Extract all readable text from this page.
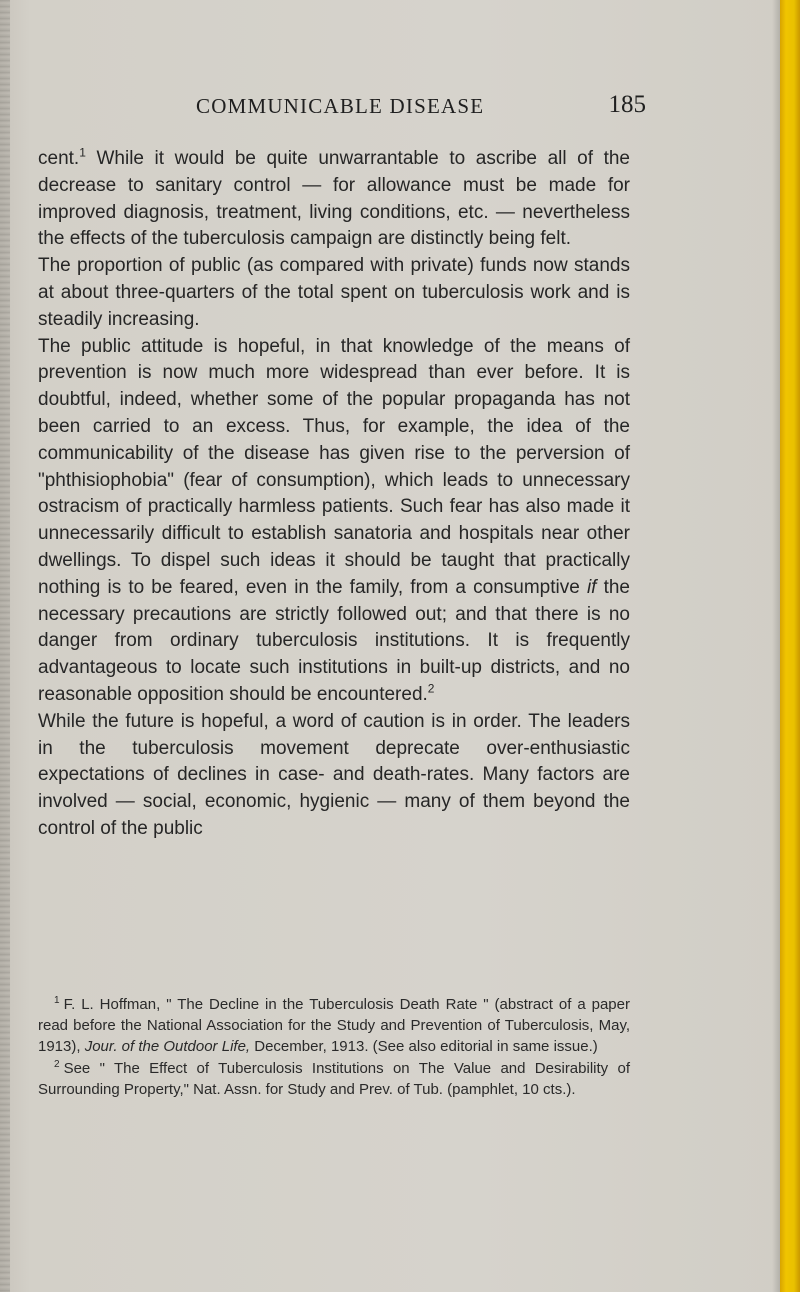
COMMUNICABLE DISEASE	185

cent.$^1$ While it would be quite unwarrantable to ascribe all of the decrease to sanitary control — for allowance must be made for improved diagnosis, treatment, living conditions, etc. — nevertheless the effects of the tuberculosis campaign are distinctly being felt.

The proportion of public (as compared with private) funds now stands at about three-quarters of the total spent on tuberculosis work and is steadily increasing.

The public attitude is hopeful, in that knowledge of the means of prevention is now much more widespread than ever before. It is doubtful, indeed, whether some of the popular propaganda has not been carried to an excess. Thus, for example, the idea of the communicability of the disease has given rise to the perversion of "phthisiophobia" (fear of consumption), which leads to unnecessary ostracism of practically harmless patients. Such fear has also made it unnecessarily difficult to establish sanatoria and hospitals near other dwellings. To dispel such ideas it should be taught that practically nothing is to be feared, even in the family, from a consumptive if the necessary precautions are strictly followed out; and that there is no danger from ordinary tuberculosis institutions. It is frequently advantageous to locate such institutions in built-up districts, and no reasonable opposition should be encountered.$^2$

While the future is hopeful, a word of caution is in order. The leaders in the tuberculosis movement deprecate over-enthusiastic expectations of declines in case- and death-rates. Many factors are involved — social, economic, hygienic — many of them beyond the control of the public

$^1$ F. L. Hoffman, " The Decline in the Tuberculosis Death Rate " (abstract of a paper read before the National Association for the Study and Prevention of Tuberculosis, May, 1913), Jour. of the Outdoor Life, December, 1913. (See also editorial in same issue.)

$^2$ See " The Effect of Tuberculosis Institutions on The Value and Desirability of Surrounding Property," Nat. Assn. for Study and Prev. of Tub. (pamphlet, 10 cts.).
